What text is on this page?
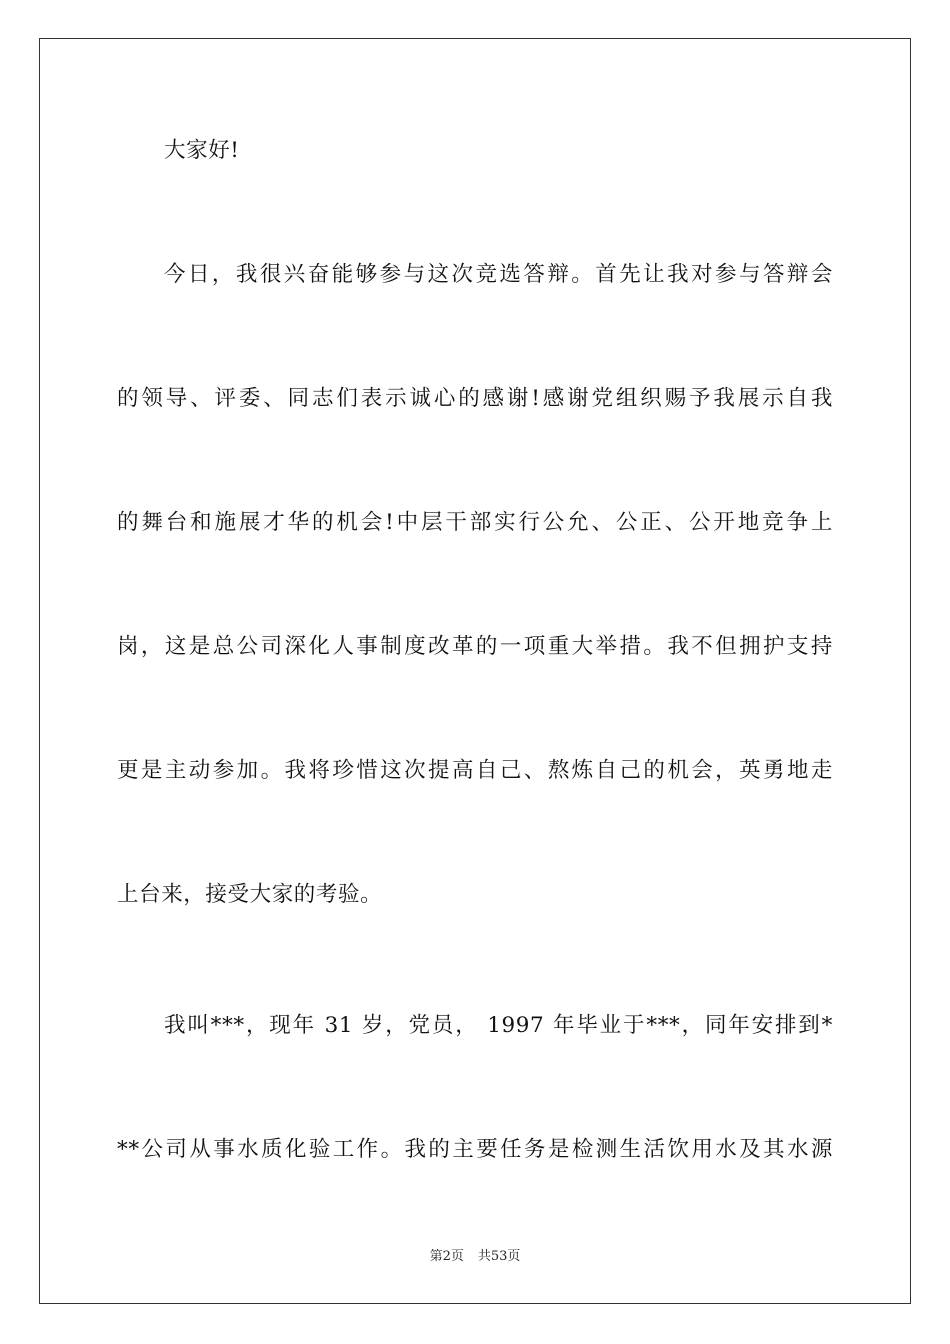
大家好!
今日，我很兴奋能够参与这次竞选答辩。首先让我对参与答辩会
的领导、评委、同志们表示诚心的感谢!感谢党组织赐予我展示自我
的舞台和施展才华的机会!中层干部实行公允、公正、公开地竞争上
岗，这是总公司深化人事制度改革的一项重大举措。我不但拥护支持
更是主动参加。我将珍惜这次提高自己、熬炼自己的机会，英勇地走
上台来，接受大家的考验。
我叫***，现年 31 岁，党员， 1997 年毕业于***，同年安排到*
**公司从事水质化验工作。我的主要任务是检测生活饮用水及其水源
第2页 共53页
